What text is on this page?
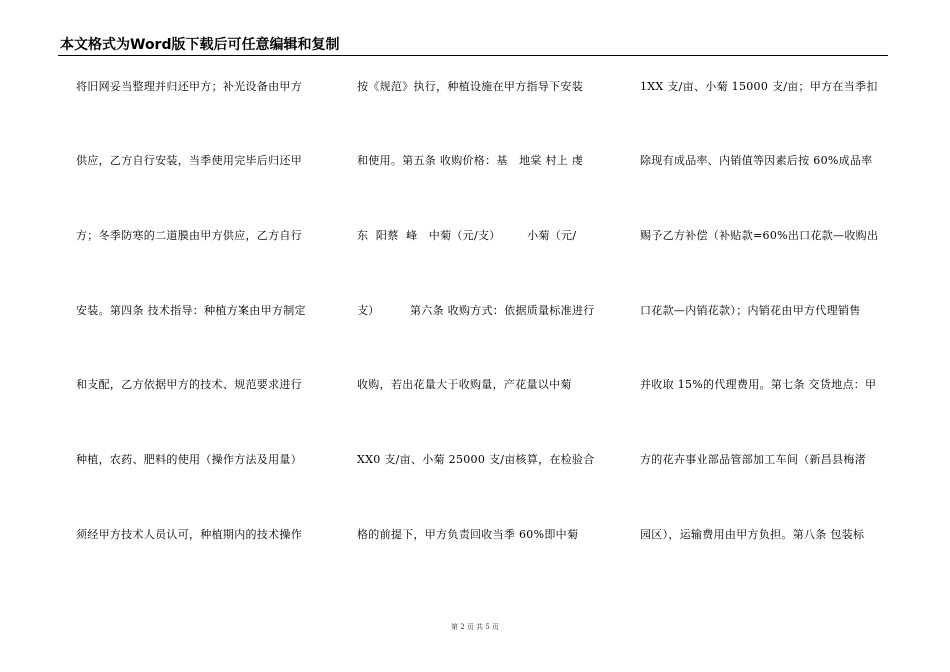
本文格式为Word版下载后可任意编辑和复制
将旧网妥当整理并归还甲方；补光设备由甲方
供应，乙方自行安装，当季使用完毕后归还甲
方；冬季防寒的二道膜由甲方供应，乙方自行
安装。第四条 技术指导：种植方案由甲方制定
和支配，乙方依据甲方的技术、规范要求进行
种植，农药、肥料的使用（操作方法及用量）
须经甲方技术人员认可，种植期内的技术操作
按《规范》执行，种植设施在甲方指导下安装
和使用。第五条 收购价格：基   地棠 村上 虔
东  阳蔡  峰   中菊（元/支）       小菊（元/
支）        第六条 收购方式：依据质量标准进行
收购，若出花量大于收购量，产花量以中菊
XX0 支/亩、小菊 25000 支/亩核算，在检验合
格的前提下，甲方负责回收当季 60%即中菊
1XX 支/亩、小菊 15000 支/亩；甲方在当季扣
除现有成品率、内销值等因素后按 60%成品率
赐予乙方补偿（补贴款=60%出口花款—收购出
口花款—内销花款）；内销花由甲方代理销售
并收取 15%的代理费用。第七条 交货地点：甲
方的花卉事业部品管部加工车间（新昌县梅渚
园区），运输费用由甲方负担。第八条 包装标
第 2 页 共 5 页
